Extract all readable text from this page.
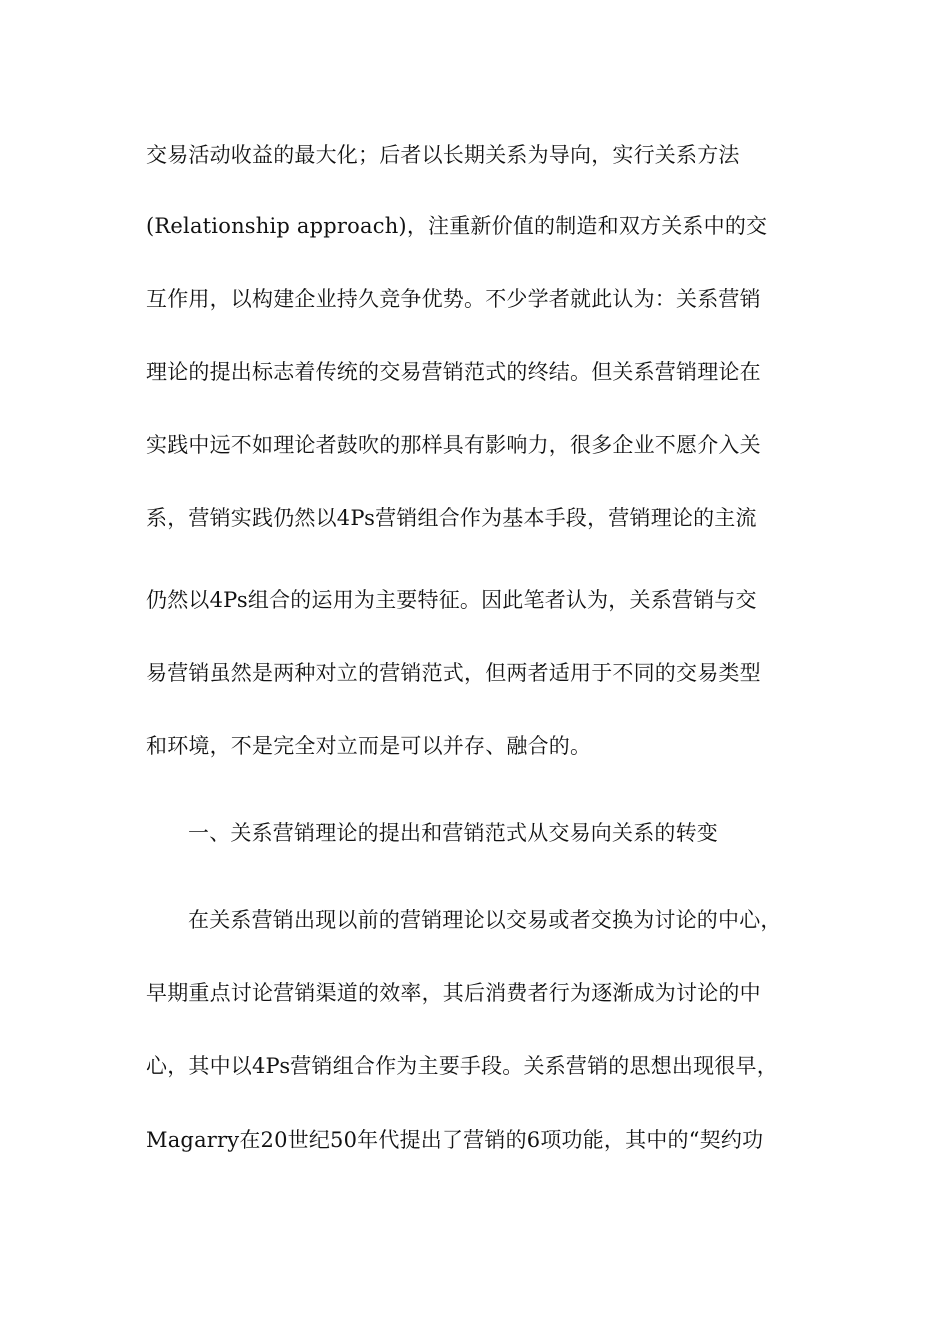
交易活动收益的最大化；后者以长期关系为导向，实行关系方法
(Relationship approach)，注重新价值的制造和双方关系中的交
互作用，以构建企业持久竞争优势。不少学者就此认为：关系营销
理论的提出标志着传统的交易营销范式的终结。但关系营销理论在
实践中远不如理论者鼓吹的那样具有影响力，很多企业不愿介入关
系，营销实践仍然以4Ps营销组合作为基本手段，营销理论的主流
仍然以4Ps组合的运用为主要特征。因此笔者认为，关系营销与交
易营销虽然是两种对立的营销范式，但两者适用于不同的交易类型
和环境，不是完全对立而是可以并存、融合的。
一、关系营销理论的提出和营销范式从交易向关系的转变
在关系营销出现以前的营销理论以交易或者交换为讨论的中心，
早期重点讨论营销渠道的效率，其后消费者行为逐渐成为讨论的中
心，其中以4Ps营销组合作为主要手段。关系营销的思想出现很早，
Magarry在20世纪50年代提出了营销的6项功能，其中的“契约功
